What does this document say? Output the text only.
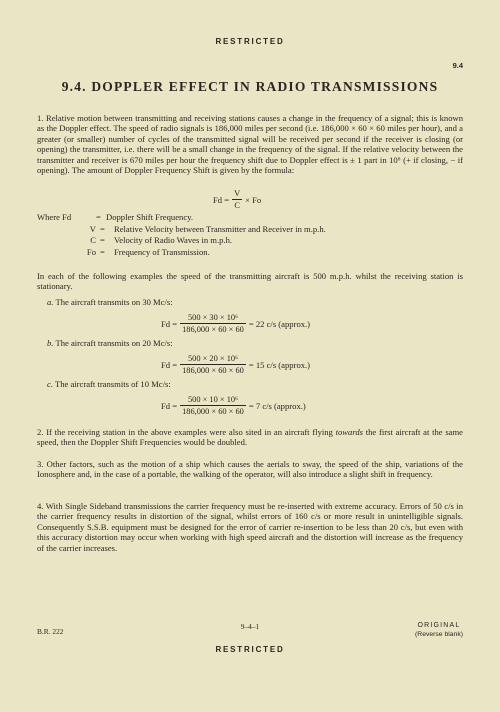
RESTRICTED
9.4
9.4. DOPPLER EFFECT IN RADIO TRANSMISSIONS
1. Relative motion between transmitting and receiving stations causes a change in the frequency of a signal; this is known as the Doppler effect. The speed of radio signals is 186,000 miles per second (i.e. 186,000 × 60 × 60 miles per hour), and a greater (or smaller) number of cycles of the transmitted signal will be received per second if the receiver is closing (or opening) the transmitter, i.e. there will be a small change in the frequency of the signal. If the relative velocity between the transmitter and receiver is 670 miles per hour the frequency shift due to Doppler effect is ± 1 part in 10⁶ (+ if closing, − if opening). The amount of Doppler Frequency Shift is given by the formula:
$Fd = \frac{V}{C} \times Fo$
Where Fd	= Doppler Shift Frequency.
V =	Relative Velocity between Transmitter and Receiver in m.p.h.
C =	Velocity of Radio Waves in m.p.h.
Fo =	Frequency of Transmission.
In each of the following examples the speed of the transmitting aircraft is 500 m.p.h. whilst the receiving station is stationary.
a. The aircraft transmits on 30 Mc/s:
$Fd = \frac{\text{500 × 30 × 10⁶}}{186,000 \times 60 \times 60} = 22$ c/s (approx.)
b. The aircraft transmits on 20 Mc/s:
$Fd = \frac{\text{500 × 20 × 10⁶}}{186,000 \times 60 \times 60} = 15$ c/s (approx.)
c. The aircraft transmits of 10 Mc/s:
$Fd = \frac{\text{500 × 10 × 10⁶}}{186,000 \times 60 \times 60} = 7$ c/s (approx.)
2. If the receiving station in the above examples were also sited in an aircraft flying towards the first aircraft at the same speed, then the Doppler Shift Frequencies would be doubled.
3. Other factors, such as the motion of a ship which causes the aerials to sway, the speed of the ship, variations of the Ionosphere and, in the case of a portable, the walking of the operator, will also introduce a slight shift in frequency.
4. With Single Sideband transmissions the carrier frequency must be re-inserted with extreme accuracy. Errors of 50 c/s in the carrier frequency results in distortion of the signal, whilst errors of 160 c/s or more result in unintelligible signals. Consequently S.S.B. equipment must be designed for the error of carrier re-insertion to be less than 20 c/s, but even with this accuracy distortion may occur when working with high speed aircraft and the distortion will increase as the frequency of the carrier increases.
B.R. 222
9–4–1	ORIGINAL
(Reverse blank)
RESTRICTED
